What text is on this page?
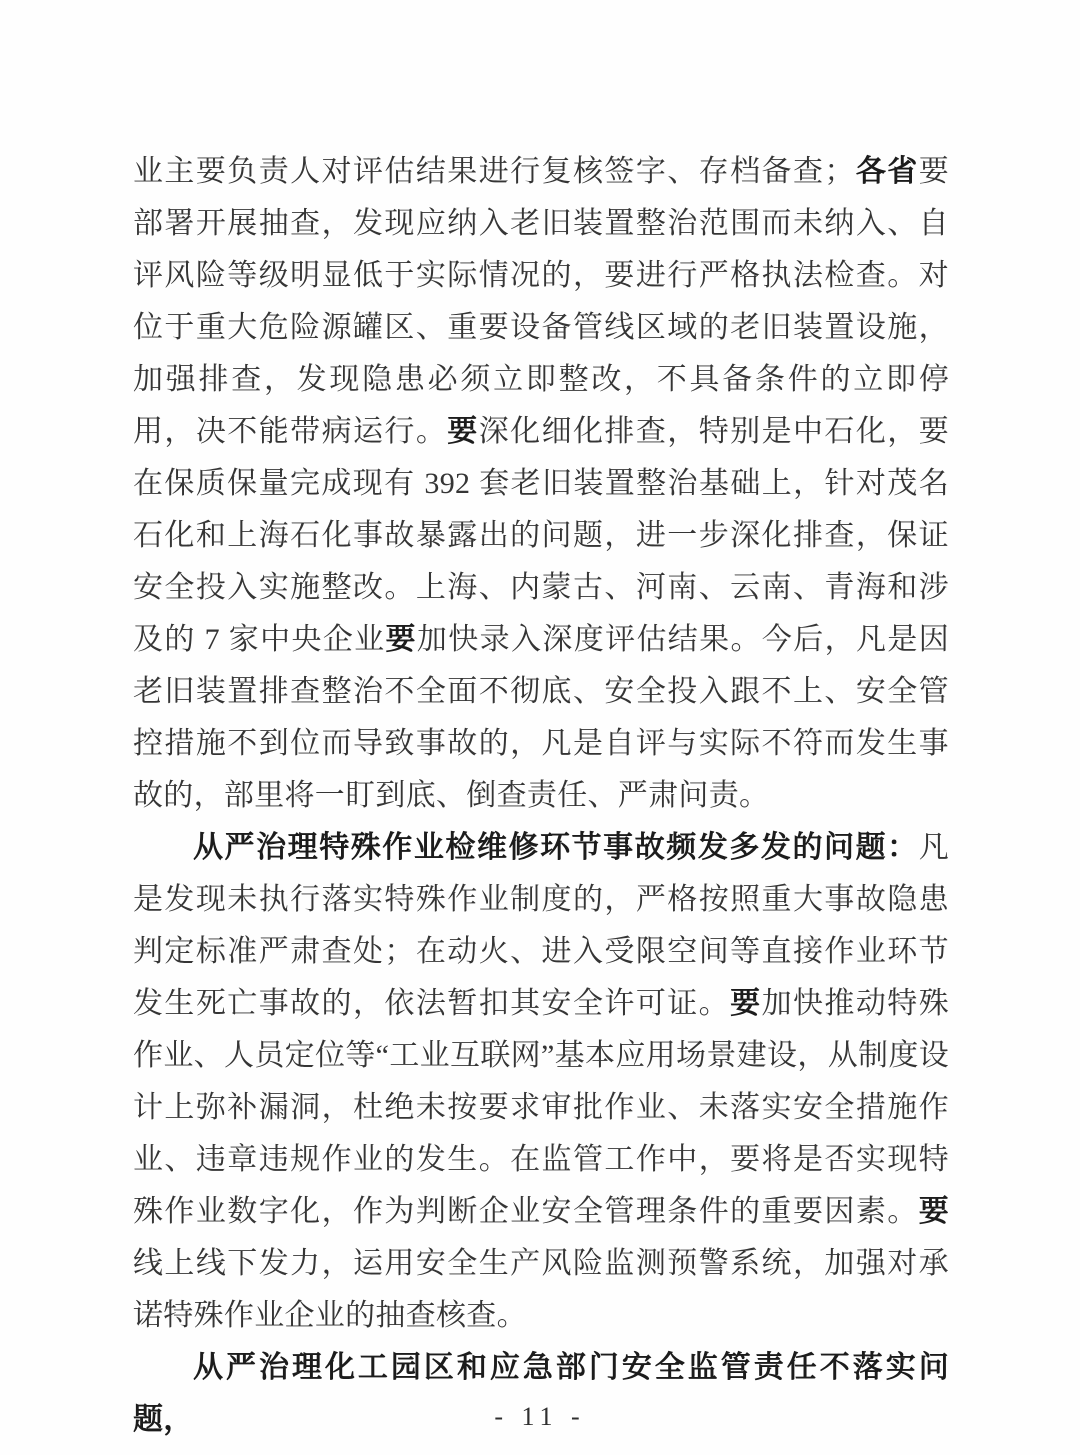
业主要负责人对评估结果进行复核签字、存档备查；各省要部署开展抽查，发现应纳入老旧装置整治范围而未纳入、自评风险等级明显低于实际情况的，要进行严格执法检查。对位于重大危险源罐区、重要设备管线区域的老旧装置设施，加强排查，发现隐患必须立即整改，不具备条件的立即停用，决不能带病运行。要深化细化排查，特别是中石化，要在保质保量完成现有 392 套老旧装置整治基础上，针对茂名石化和上海石化事故暴露出的问题，进一步深化排查，保证安全投入实施整改。上海、内蒙古、河南、云南、青海和涉及的 7 家中央企业要加快录入深度评估结果。今后，凡是因老旧装置排查整治不全面不彻底、安全投入跟不上、安全管控措施不到位而导致事故的，凡是自评与实际不符而发生事故的，部里将一盯到底、倒查责任、严肃问责。

从严治理特殊作业检维修环节事故频发多发的问题：凡是发现未执行落实特殊作业制度的，严格按照重大事故隐患判定标准严肃查处；在动火、进入受限空间等直接作业环节发生死亡事故的，依法暂扣其安全许可证。要加快推动特殊作业、人员定位等“工业互联网”基本应用场景建设，从制度设计上弥补漏洞，杜绝未按要求审批作业、未落实安全措施作业、违章违规作业的发生。在监管工作中，要将是否实现特殊作业数字化，作为判断企业安全管理条件的重要因素。要线上线下发力，运用安全生产风险监测预警系统，加强对承诺特殊作业企业的抽查核查。

从严治理化工园区和应急部门安全监管责任不落实问题，	- 11 -
